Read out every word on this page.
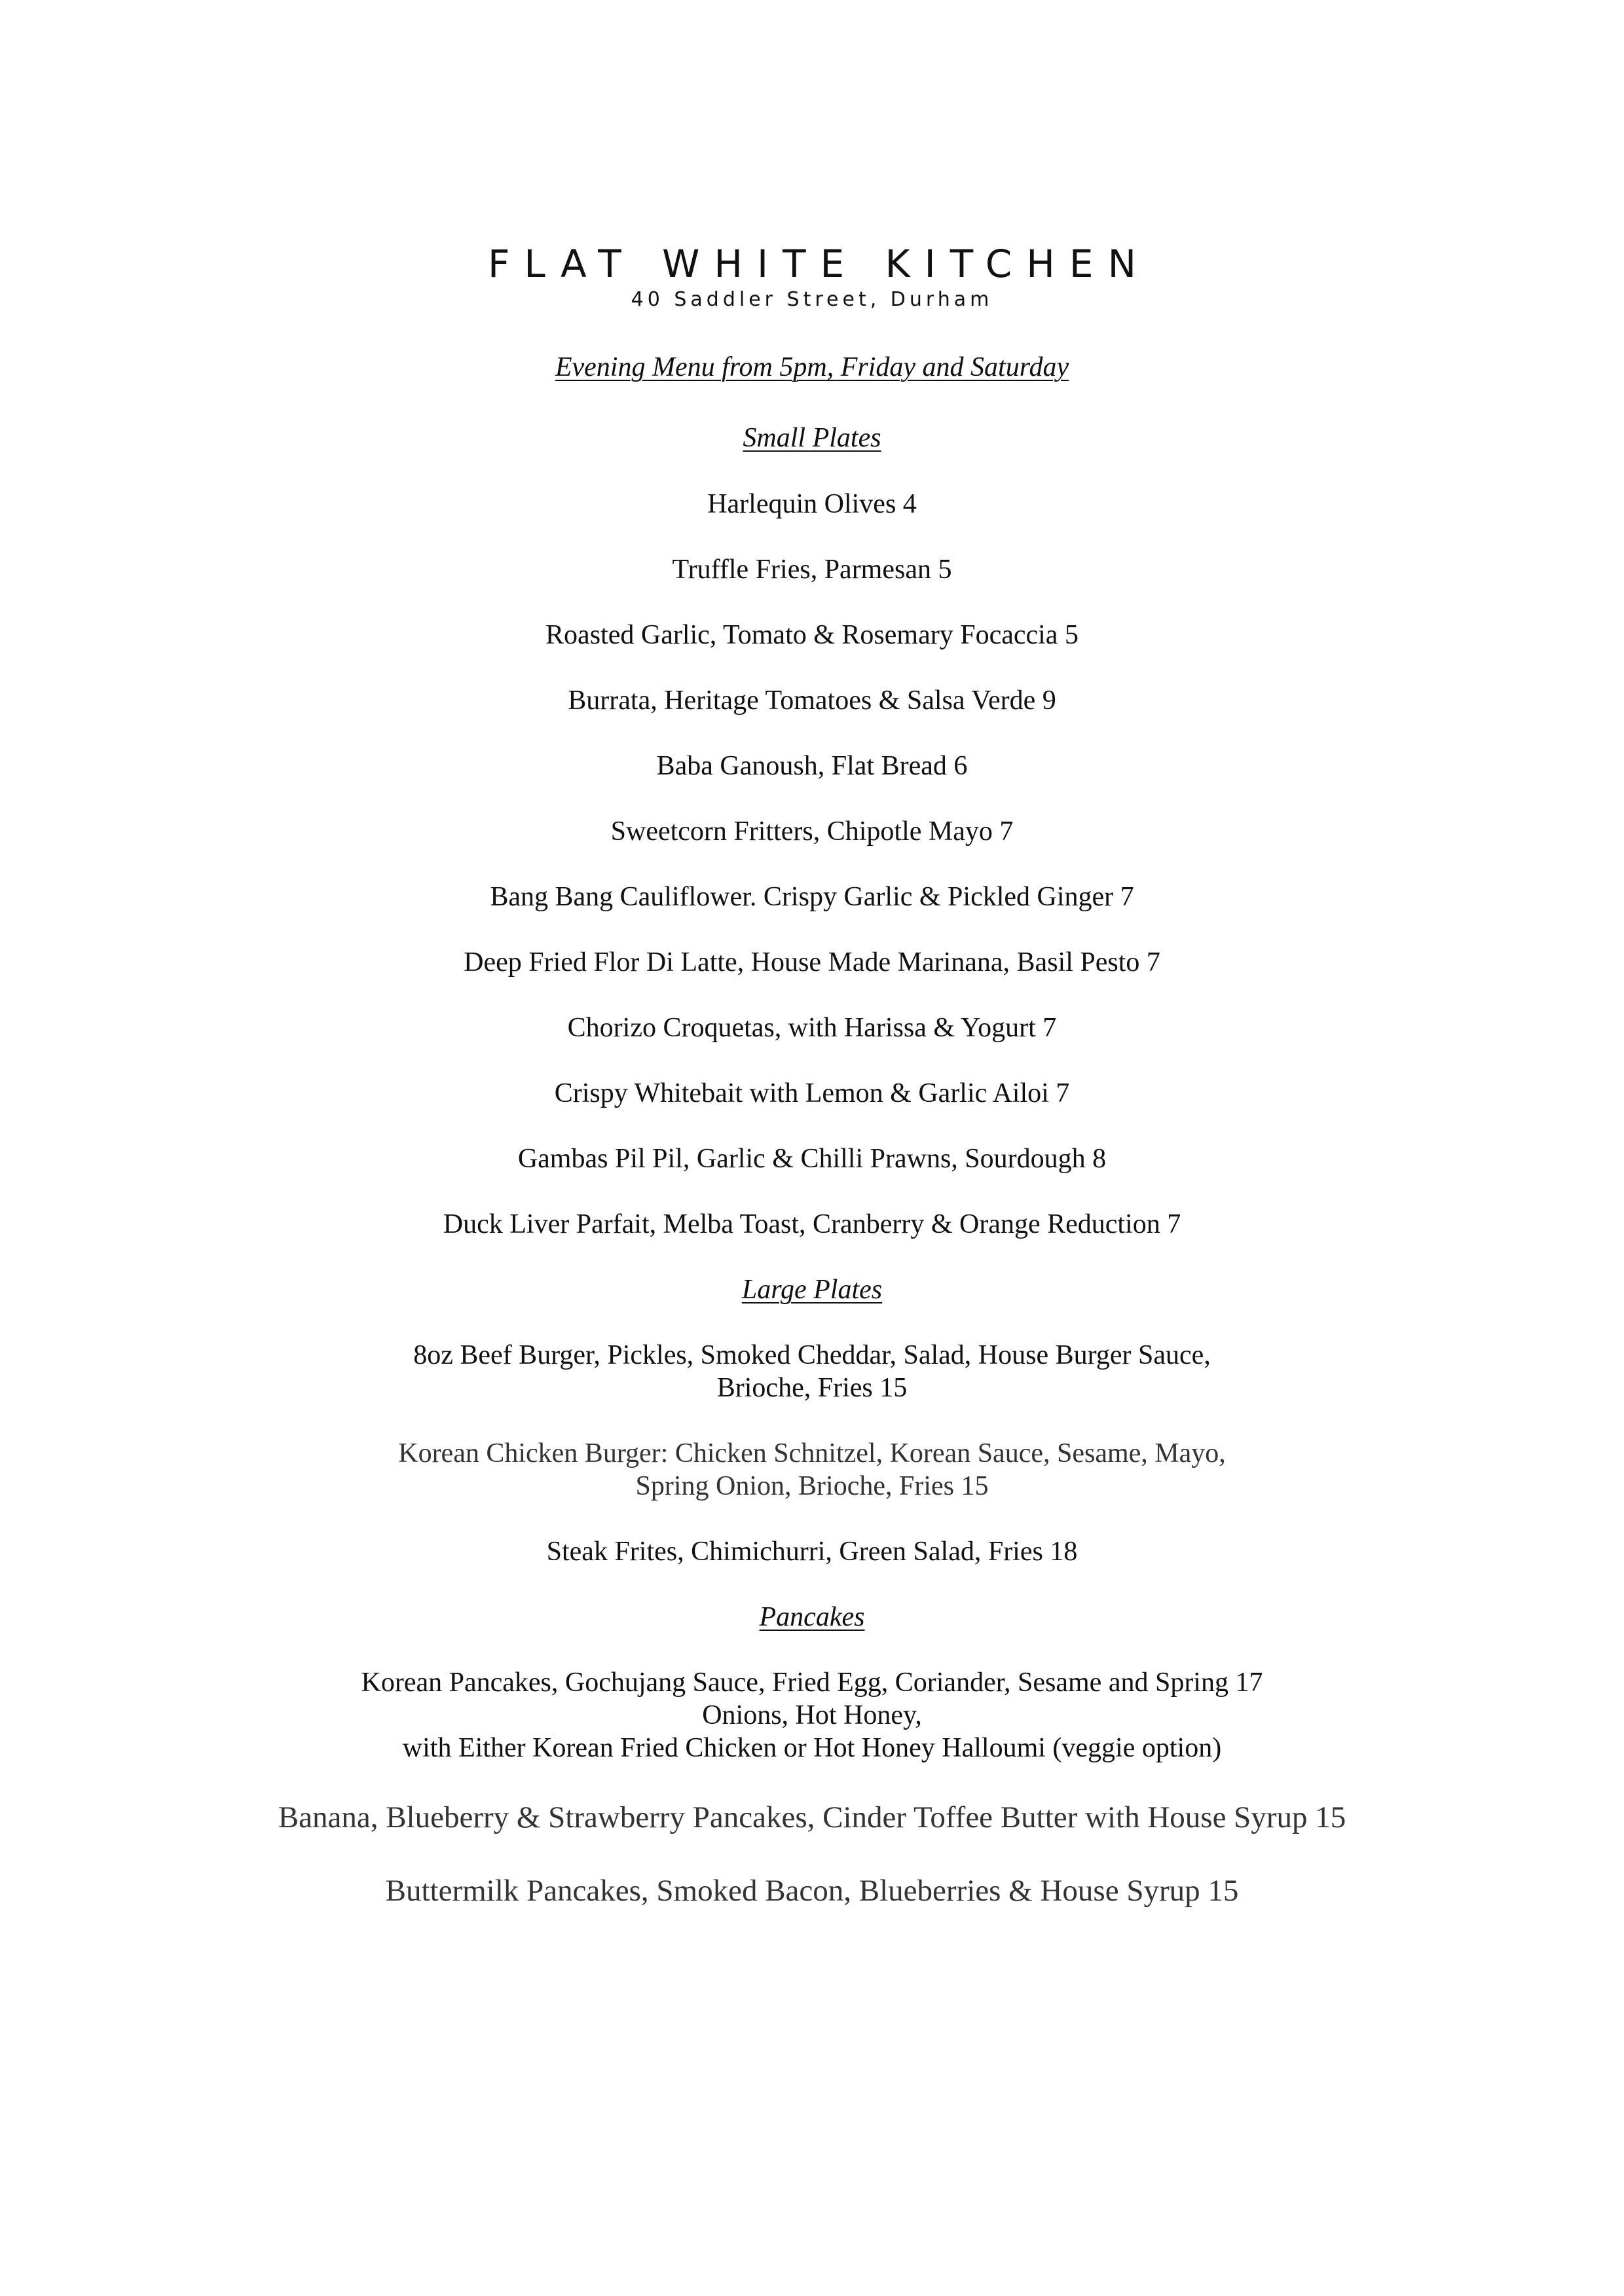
FLAT WHITE KITCHEN
40 Saddler Street, Durham
Evening Menu from 5pm, Friday and Saturday
Small Plates
Harlequin Olives 4
Truffle Fries, Parmesan 5
Roasted Garlic, Tomato & Rosemary Focaccia 5
Burrata, Heritage Tomatoes & Salsa Verde 9
Baba Ganoush, Flat Bread 6
Sweetcorn Fritters, Chipotle Mayo 7
Bang Bang Cauliflower. Crispy Garlic & Pickled Ginger 7
Deep Fried Flor Di Latte, House Made Marinana, Basil Pesto 7
Chorizo Croquetas, with Harissa & Yogurt 7
Crispy Whitebait with Lemon & Garlic Ailoi 7
Gambas Pil Pil, Garlic & Chilli Prawns, Sourdough 8
Duck Liver Parfait, Melba Toast, Cranberry & Orange Reduction 7
Large Plates
8oz Beef Burger, Pickles, Smoked Cheddar, Salad, House Burger Sauce,
Brioche, Fries 15
Korean Chicken Burger: Chicken Schnitzel, Korean Sauce, Sesame, Mayo,
Spring Onion, Brioche, Fries 15
Steak Frites, Chimichurri, Green Salad, Fries 18
Pancakes
Korean Pancakes, Gochujang Sauce, Fried Egg, Coriander, Sesame and Spring 17
Onions, Hot Honey,
with Either Korean Fried Chicken or Hot Honey Halloumi (veggie option)
Banana, Blueberry & Strawberry Pancakes, Cinder Toffee Butter with House Syrup 15
Buttermilk Pancakes, Smoked Bacon, Blueberries & House Syrup 15
